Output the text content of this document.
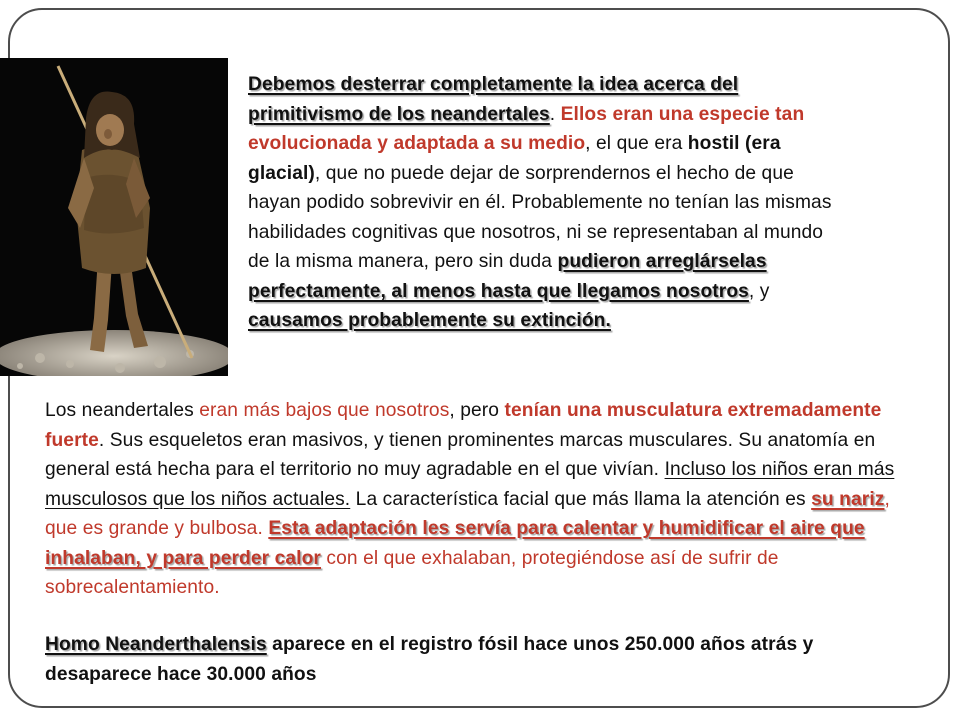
Debemos desterrar completamente la idea acerca del primitivismo de los neandertales. Ellos eran una especie tan evolucionada y adaptada a su medio, el que era hostil (era glacial), que no puede dejar de sorprendernos el hecho de que hayan podido sobrevivir en él. Probablemente no tenían las mismas habilidades cognitivas que nosotros, ni se representaban al mundo de la misma manera, pero sin duda pudieron arreglárselas perfectamente, al menos hasta que llegamos nosotros, y causamos probablemente su extinción.
Los neandertales eran más bajos que nosotros, pero tenían una musculatura extremadamente fuerte. Sus esqueletos eran masivos, y tienen prominentes marcas musculares. Su anatomía en general está hecha para el territorio no muy agradable en el que vivían. Incluso los niños eran más musculosos que los niños actuales. La característica facial que más llama la atención es su nariz, que es grande y bulbosa. Esta adaptación les servía para calentar y humidificar el aire que inhalaban, y para perder calor con el que exhalaban, protegiéndose así de sufrir de sobrecalentamiento.
Homo Neanderthalensis aparece en el registro fósil hace unos 250.000 años atrás y desaparece hace 30.000 años
